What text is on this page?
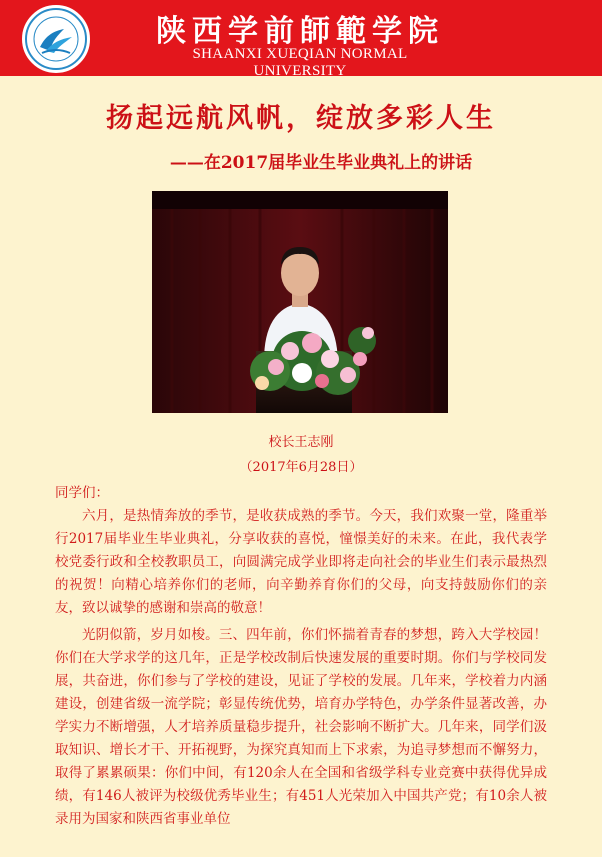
陕西学前師範学院
SHAANXI XUEQIAN NORMAL UNIVERSITY
扬起远航风帆，绽放多彩人生
——在2017届毕业生毕业典礼上的讲话
校长王志刚
（2017年6月28日）

同学们：

六月，是热情奔放的季节，是收获成熟的季节。今天，我们欢聚一堂，隆重举行2017届毕业生毕业典礼，分享收获的喜悦，憧憬美好的未来。在此，我代表学校党委行政和全校教职员工，向圆满完成学业即将走向社会的毕业生们表示最热烈的祝贺！向精心培养你们的老师，向辛勤养育你们的父母，向支持鼓励你们的亲友，致以诚挚的感谢和崇高的敬意！

光阴似箭，岁月如梭。三、四年前，你们怀揣着青春的梦想，跨入大学校园！你们在大学求学的这几年，正是学校改制后快速发展的重要时期。你们与学校同发展，共奋进，你们参与了学校的建设，见证了学校的发展。几年来，学校着力内涵建设，创建省级一流学院；彰显传统优势，培育办学特色，办学条件显著改善，办学实力不断增强，人才培养质量稳步提升，社会影响不断扩大。几年来，同学们汲取知识、增长才干、开拓视野，为探究真知而上下求索，为追寻梦想而不懈努力，取得了累累硕果：你们中间，有120余人在全国和省级学科专业竞赛中获得优异成绩，有146人被评为校级优秀毕业生；有451人光荣加入中国共产党；有10余人被录用为国家和陕西省事业单位
